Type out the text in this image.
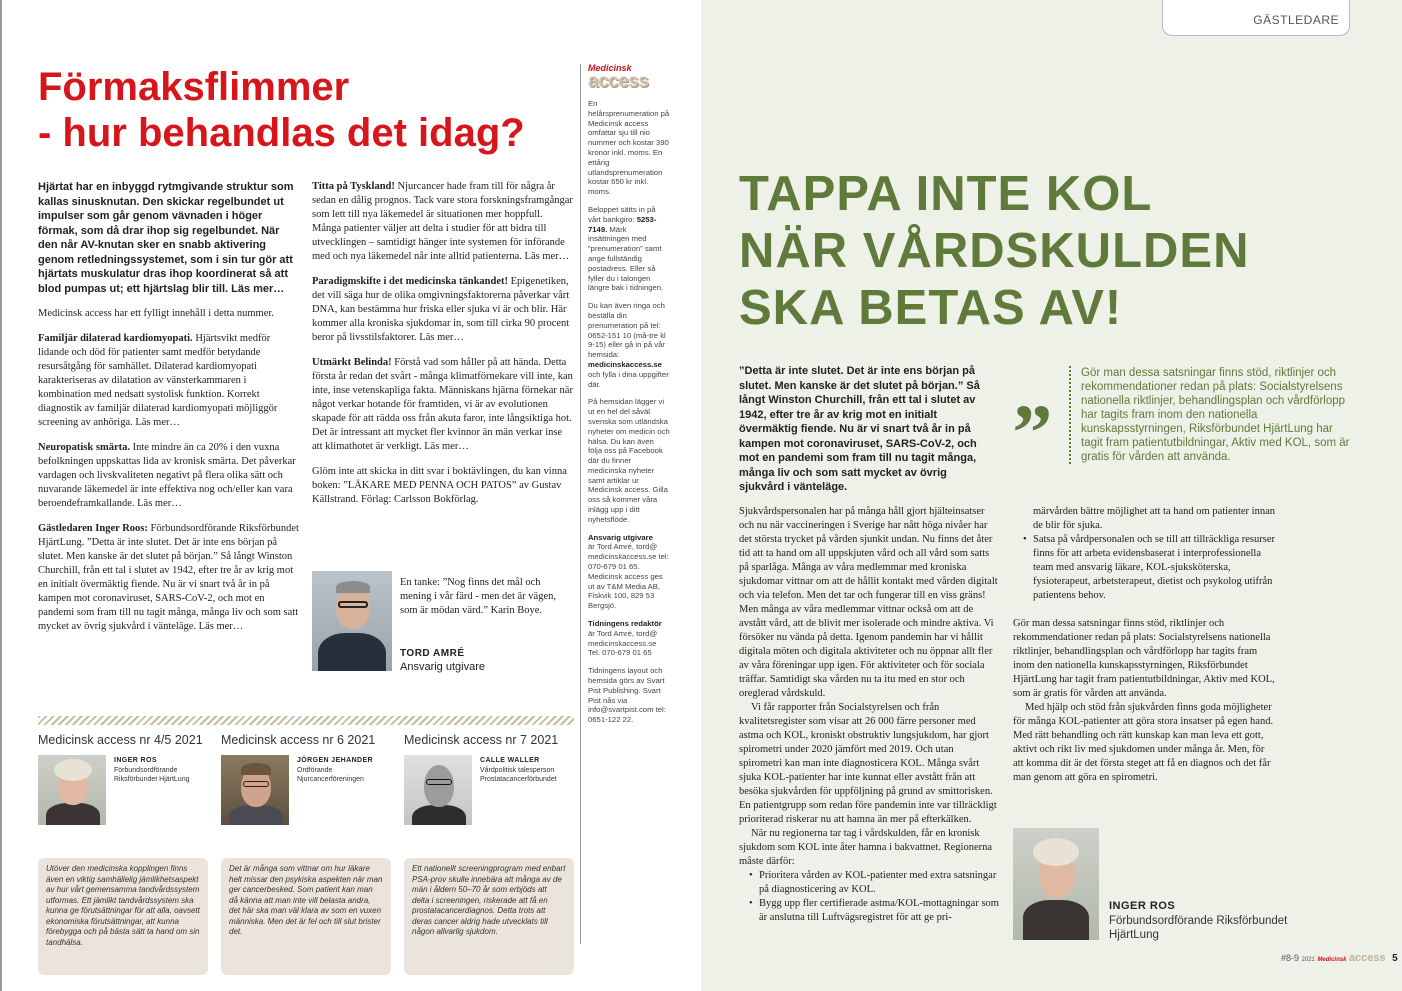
Förmaksflimmer
- hur behandlas det idag?

Hjärtat har en inbyggd rytmgivande struktur som kallas sinusknutan. Den skickar regelbundet ut impulser som går genom vävnaden i höger förmak, som då drar ihop sig regelbundet. När den når AV-knutan sker en snabb aktivering genom retledningssystemet, som i sin tur gör att hjärtats muskulatur dras ihop koordinerat så att blod pumpas ut; ett hjärtslag blir till. Läs mer…

Medicinsk access har ett fylligt innehåll i detta nummer.

Familjär dilaterad kardiomyopati. Hjärtsvikt medför lidande och död för patienter samt medför betydande resursåtgång för samhället. Dilaterad kardiomyopati karakteriseras av dilatation av vänsterkammaren i kombination med nedsatt systolisk funktion. Korrekt diagnostik av familjär dilaterad kardiomyopati möjliggör screening av anhöriga. Läs mer…

Neuropatisk smärta. Inte mindre än ca 20% i den vuxna befolkningen uppskattas lida av kronisk smärta. Det påverkar vardagen och livskvaliteten negativt på flera olika sätt och nuvarande läkemedel är inte effektiva nog och/eller kan vara beroendeframkallande. Läs mer…

Gästledaren Inger Roos: Förbundsordförande Riksförbundet HjärtLung. ”Detta är inte slutet. Det är inte ens början på slutet. Men kanske är det slutet på början.” Så långt Winston Churchill, från ett tal i slutet av 1942, efter tre år av krig mot en initialt övermäktig fiende. Nu är vi snart två år in på kampen mot coronaviruset, SARS-CoV-2, och mot en pandemi som fram till nu tagit många, många liv och som satt mycket av övrig sjukvård i vänteläge. Läs mer…

Titta på Tyskland! Njurcancer hade fram till för några år sedan en dålig prognos. Tack vare stora forskningsframgångar som lett till nya läkemedel är situationen mer hoppfull. Många patienter väljer att delta i studier för att bidra till utvecklingen – samtidigt hänger inte systemen för införande med och nya läkemedel når inte alltid patienterna. Läs mer…

Paradigmskifte i det medicinska tänkandet! Epigenetiken, det vill säga hur de olika omgivningsfaktorerna påverkar vårt DNA, kan bestämma hur friska eller sjuka vi är och blir. Här kommer alla kroniska sjukdomar in, som till cirka 90 procent beror på livsstilsfaktorer. Läs mer…

Utmärkt Belinda! Förstå vad som håller på att hända. Detta första år redan det svårt - många klimatförnekare vill inte, kan inte, inse vetenskapliga fakta. Människans hjärna förnekar när något verkar hotande för framtiden, vi är av evolutionen skapade för att rädda oss från akuta faror, inte långsiktiga hot. Det är intressant att mycket fler kvinnor än män verkar inse att klimathotet är verkligt. Läs mer…

Glöm inte att skicka in ditt svar i boktävlingen, du kan vinna boken: ”LÄKARE MED PENNA OCH PATOS” av Gustav Källstrand. Förlag: Carlsson Bokförlag.

En tanke: ”Nog finns det mål och mening i vår färd - men det är vägen, som är mödan värd.” Karin Boye.

TORD AMRÉ
Ansvarig utgivare
Medicinsk access nr 4/5 2021
INGER ROS
Förbundsordförande Riksförbundet HjärtLung
Utöver den medicinska kopplingen finns även en viktig samhällelig jämlikhetsaspekt av hur vårt gemensamma tandvårdssystem utformas. Ett jämlikt tandvårdssystem ska kunna ge förutsättningar för att alla, oavsett ekonomiska förutsättningar, att kunna förebygga och på bästa sätt ta hand om sin tandhälsa.
Medicinsk access nr 6 2021
JÖRGEN JEHANDER
Ordförande Njurcancerföreningen
Det är många som vittnar om hur läkare helt missar den psykiska aspekten när man ger cancerbesked. Som patient kan man då känna att man inte vill belasta andra, det här ska man väl klara av som en vuxen människa. Men det är fel och till slut brister det.
Medicinsk access nr 7 2021
CALLE WALLER
Vårdpolitisk talesperson Prostatacancerförbundet
Ett nationellt screeningprogram med enbart PSA-prov skulle innebära att många av de män i åldern 50–70 år som erbjöds att delta i screeningen, riskerade att få en prostatacancerdiagnos. Detta trots att deras cancer aldrig hade utvecklats till någon allvarlig sjukdom.
Medicinsk
access

En helårsprenumeration på Medicinsk access omfattar sju till nio nummer och kostar 390 kronor inkl. moms. En ettårig utlandsprenumeration kostar 650 kr inkl. moms.

Beloppet sätts in på vårt bankgiro: 5253-7149. Märk insättningen med ”prenumeration” samt ange fullständig postadress. Eller så fyller du i talongen längre bak i tidningen.

Du kan även ringa och beställa din prenumeration på tel: 0652-151 10 (må-tre kl 9-15) eller gå in på vår hemsida: medicinskaccess.se och fylla i dina uppgifter där.

På hemsidan lägger vi ut en hel del såväl svenska som utländska nyheter om medicin och hälsa. Du kan även följa oss på Facebook där du finner medicinska nyheter samt artiklar ur Medicinsk access. Gilla oss så kommer våra inlägg upp i ditt nyhetsflöde.

Ansvarig utgivare
är Tord Amré, tord@ medicinskaccess.se tel: 070-679 01 65. Medicinsk access ges ut av T&M Media AB, Fiskvik 100, 829 53 Bergsjö.

Tidningens redaktör
är Tord Amré, tord@ medicinskaccess.se Tel. 070-679 01 65

Tidningens layout och hemsida görs av Svart Pist Publishing. Svart Pist nås via info@svartpist.com tel: 0651-122 22.

GÄSTLEDARE
TAPPA INTE KOL
NÄR VÅRDSKULDEN
SKA BETAS AV!

”Detta är inte slutet. Det är inte ens början på slutet. Men kanske är det slutet på början.” Så långt Winston Churchill, från ett tal i slutet av 1942, efter tre år av krig mot en initialt övermäktig fiende. Nu är vi snart två år in på kampen mot coronaviruset, SARS-CoV-2, och mot en pandemi som fram till nu tagit många, många liv och som satt mycket av övrig sjukvård i vänteläge.

„	Gör man dessa satsningar finns stöd, riktlinjer och rekommendationer redan på plats: Socialstyrelsens nationella riktlinjer, behandlingsplan och vårdförlopp har tagits fram inom den nationella kunskapsstyrningen, Riksförbundet HjärtLung har tagit fram patientutbildningar, Aktiv med KOL, som är gratis för vården att använda.

Sjukvårdspersonalen har på många håll gjort hjälteinsatser och nu när vaccineringen i Sverige har nått höga nivåer har det största trycket på vården sjunkit undan. Nu finns det åter tid att ta hand om all uppskjuten vård och all vård som satts på sparlåga. Många av våra medlemmar med kroniska sjukdomar vittnar om att de hållit kontakt med vården digitalt och via telefon. Men det tar och fungerar till en viss gräns! Men många av våra medlemmar vittnar också om att de avstått vård, att de blivit mer isolerade och mindre aktiva. Vi försöker nu vända på detta. Igenom pandemin har vi hållit digitala möten och digitala aktiviteter och nu öppnar allt fler av våra föreningar upp igen. För aktiviteter och för sociala träffar. Samtidigt ska vården nu ta itu med en stor och oreglerad vårdskuld.

Vi får rapporter från Socialstyrelsen och från kvalitetsregister som visar att 26 000 färre personer med astma och KOL, kroniskt obstruktiv lungsjukdom, har gjort spirometri under 2020 jämfört med 2019. Och utan spirometri kan man inte diagnosticera KOL. Många svårt sjuka KOL-patienter har inte kunnat eller avstått från att besöka sjukvården för uppföljning på grund av smittorisken. En patientgrupp som redan före pandemin inte var tillräckligt prioriterad riskerar nu att hamna än mer på efterkälken.

När nu regionerna tar tag i vårdskulden, får en kronisk sjukdom som KOL inte åter hamna i bakvattnet. Regionerna måste därför:

• Prioritera vården av KOL-patienter med extra satsningar på diagnosticering av KOL.
• Bygg upp fler certifierade astma/KOL-mottagningar som är anslutna till Luftvägsregistret för att ge pri-

märvården bättre möjlighet att ta hand om patienter innan de blir för sjuka.

• Satsa på vårdpersonalen och se till att tillräckliga resurser finns för att arbeta evidensbaserat i interprofessionella team med ansvarig läkare, KOL-sjuksköterska, fysioterapeut, arbetsterapeut, dietist och psykolog utifrån patientens behov.

Gör man dessa satsningar finns stöd, riktlinjer och rekommendationer redan på plats: Socialstyrelsens nationella riktlinjer, behandlingsplan och vårdförlopp har tagits fram inom den nationella kunskapsstyrningen, Riksförbundet HjärtLung har tagit fram patientutbildningar, Aktiv med KOL, som är gratis för vården att använda.

Med hjälp och stöd från sjukvården finns goda möjligheter för många KOL-patienter att göra stora insatser på egen hand. Med rätt behandling och rätt kunskap kan man leva ett gott, aktivt och rikt liv med sjukdomen under många år. Men, för att komma dit är det första steget att få en diagnos och det får man genom att göra en spirometri.

INGER ROS
Förbundsordförande Riksförbundet HjärtLung
#8-9 2021 Medicinsk access 5
